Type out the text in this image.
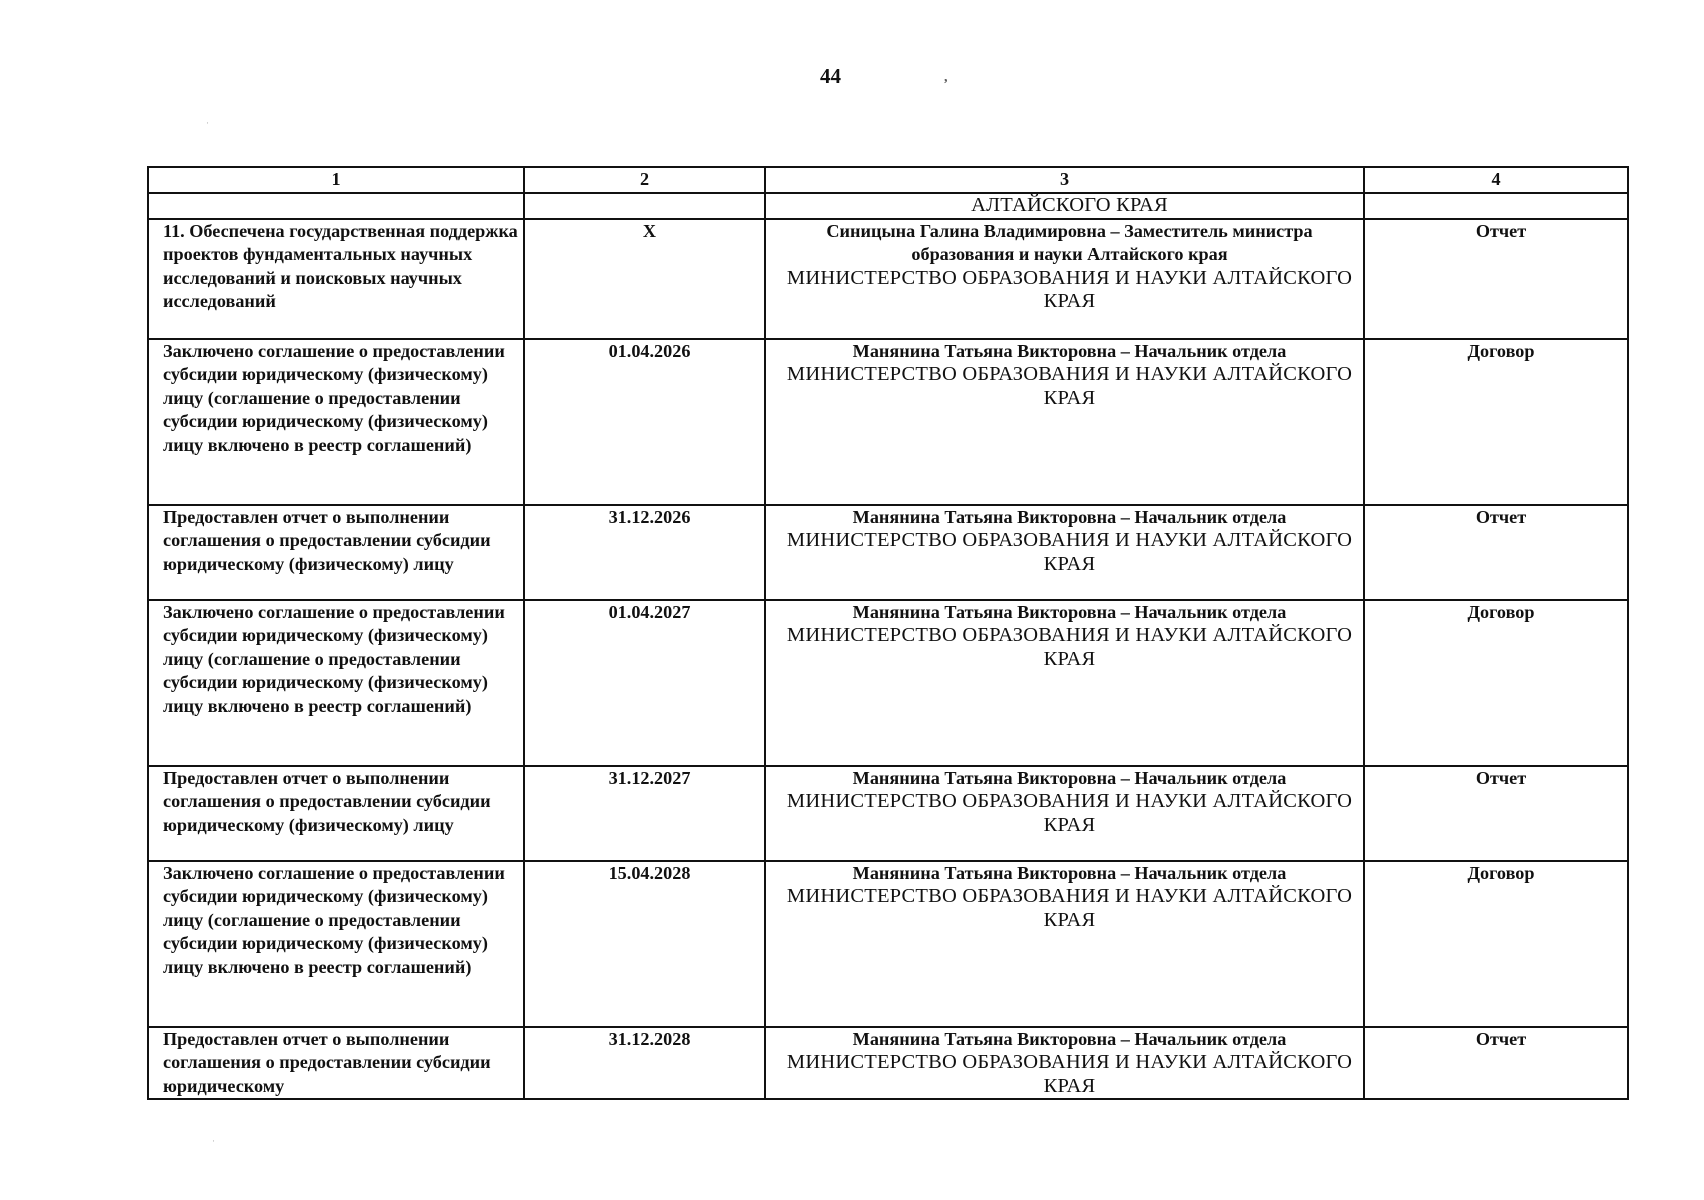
44	,
·
·
1	2	3	4

		АЛТАЙСКОГО КРАЯ	

11. Обеспечена государственная поддержка проектов фундаментальных научных исследований и поисковых научных исследований	X	Синицына Галина Владимировна – Заместитель министра образования и науки Алтайского края
МИНИСТЕРСТВО ОБРАЗОВАНИЯ И НАУКИ АЛТАЙСКОГО КРАЯ	Отчет
Заключено соглашение о предоставлении субсидии юридическому (физическому) лицу (соглашение о предоставлении субсидии юридическому (физическому) лицу включено в реестр соглашений)	01.04.2026	Манянина Татьяна Викторовна – Начальник отдела
МИНИСТЕРСТВО ОБРАЗОВАНИЯ И НАУКИ АЛТАЙСКОГО КРАЯ	Договор
Предоставлен отчет о выполнении соглашения о предоставлении субсидии юридическому (физическому) лицу	31.12.2026	Манянина Татьяна Викторовна – Начальник отдела
МИНИСТЕРСТВО ОБРАЗОВАНИЯ И НАУКИ АЛТАЙСКОГО КРАЯ	Отчет
Заключено соглашение о предоставлении субсидии юридическому (физическому) лицу (соглашение о предоставлении субсидии юридическому (физическому) лицу включено в реестр соглашений)	01.04.2027	Манянина Татьяна Викторовна – Начальник отдела
МИНИСТЕРСТВО ОБРАЗОВАНИЯ И НАУКИ АЛТАЙСКОГО КРАЯ	Договор
Предоставлен отчет о выполнении соглашения о предоставлении субсидии юридическому (физическому) лицу	31.12.2027	Манянина Татьяна Викторовна – Начальник отдела
МИНИСТЕРСТВО ОБРАЗОВАНИЯ И НАУКИ АЛТАЙСКОГО КРАЯ	Отчет
Заключено соглашение о предоставлении субсидии юридическому (физическому) лицу (соглашение о предоставлении субсидии юридическому (физическому) лицу включено в реестр соглашений)	15.04.2028	Манянина Татьяна Викторовна – Начальник отдела
МИНИСТЕРСТВО ОБРАЗОВАНИЯ И НАУКИ АЛТАЙСКОГО КРАЯ	Договор
Предоставлен отчет о выполнении соглашения о предоставлении субсидии юридическому	31.12.2028	Манянина Татьяна Викторовна – Начальник отдела
МИНИСТЕРСТВО ОБРАЗОВАНИЯ И НАУКИ АЛТАЙСКОГО КРАЯ	Отчет
